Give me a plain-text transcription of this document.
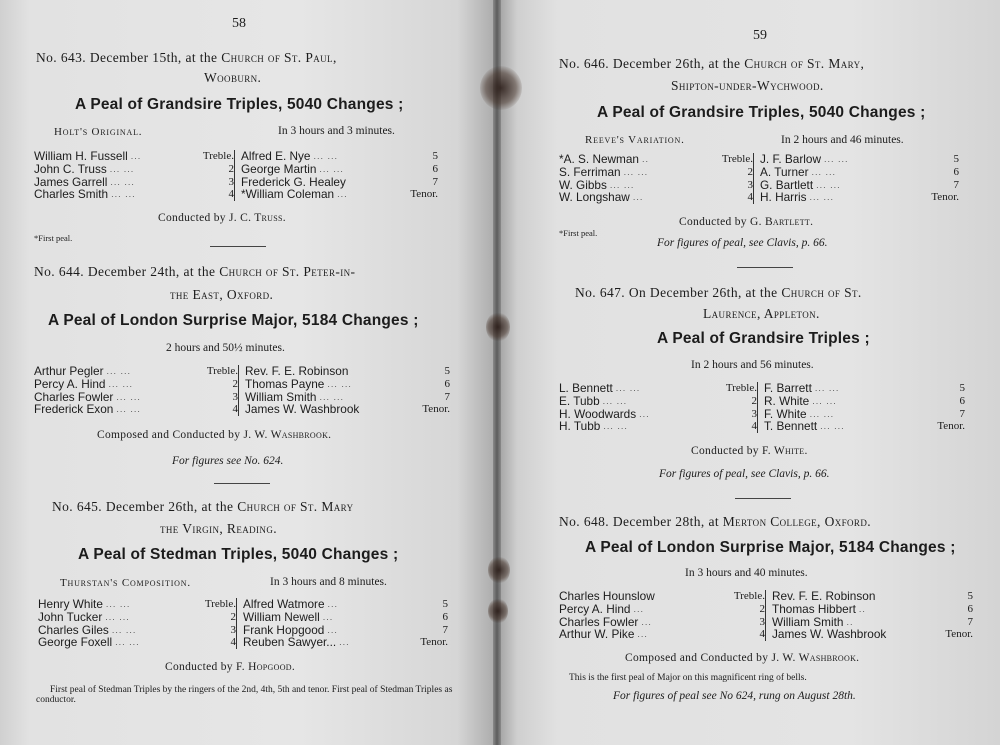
58
No. 643. December 15th, at the Church of St. Paul,
Wooburn.
A Peal of Grandsire Triples, 5040 Changes ;
Holt's Original.	In 3 hours and 3 minutes.
William H. Fussell ...	Treble.
John C. Truss ... ...	2
James Garrell ... ...	3
Charles Smith ... ...	4
Alfred E. Nye ... ...	5
George Martin ... ...	6
Frederick G. Healey	7
*William Coleman ...	Tenor.
Conducted by J. C. Truss.
*First peal.
No. 644. December 24th, at the Church of St. Peter-in-
the East, Oxford.
A Peal of London Surprise Major, 5184 Changes ;
2 hours and 50½ minutes.
Arthur Pegler ... ...	Treble.
Percy A. Hind ... ...	2
Charles Fowler ... ...	3
Frederick Exon ... ...	4
Rev. F. E. Robinson	5
Thomas Payne ... ...	6
William Smith ... ...	7
James W. Washbrook	Tenor.
Composed and Conducted by J. W. Washbrook.
For figures see No. 624.
No. 645. December 26th, at the Church of St. Mary
the Virgin, Reading.
A Peal of Stedman Triples, 5040 Changes ;
Thurstan's Composition.	In 3 hours and 8 minutes.
Henry White ... ...	Treble.
John Tucker ... ...	2
Charles Giles ... ...	3
George Foxell ... ...	4
Alfred Watmore ...	5
William Newell ...	6
Frank Hopgood ...	7
Reuben Sawyer... ...	Tenor.
Conducted by F. Hopgood.
First peal of Stedman Triples by the ringers of the 2nd, 4th, 5th and tenor. First peal of Stedman Triples as conductor.
59
No. 646. December 26th, at the Church of St. Mary,
Shipton-under-Wychwood.
A Peal of Grandsire Triples, 5040 Changes ;
Reeve's Variation.	In 2 hours and 46 minutes.
*A. S. Newman ..	Treble.
S. Ferriman ... ...	2
W. Gibbs ... ...	3
W. Longshaw ...	4
J. F. Barlow ... ...	5
A. Turner ... ...	6
G. Bartlett ... ...	7
H. Harris ... ...	Tenor.
Conducted by G. Bartlett.
*First peal.
For figures of peal, see Clavis, p. 66.
No. 647. On December 26th, at the Church of St.
Laurence, Appleton.
A Peal of Grandsire Triples ;
In 2 hours and 56 minutes.
L. Bennett ... ...	Treble.
E. Tubb ... ...	2
H. Woodwards ...	3
H. Tubb ... ...	4
F. Barrett ... ...	5
R. White ... ...	6
F. White ... ...	7
T. Bennett ... ...	Tenor.
Conducted by F. White.
For figures of peal, see Clavis, p. 66.
No. 648. December 28th, at Merton College, Oxford.
A Peal of London Surprise Major, 5184 Changes ;
In 3 hours and 40 minutes.
Charles Hounslow	Treble.
Percy A. Hind ...	2
Charles Fowler ...	3
Arthur W. Pike ...	4
Rev. F. E. Robinson	5
Thomas Hibbert ..	6
William Smith ..	7
James W. Washbrook	Tenor.
Composed and Conducted by J. W. Washbrook.
This is the first peal of Major on this magnificent ring of bells.
For figures of peal see No 624, rung on August 28th.
